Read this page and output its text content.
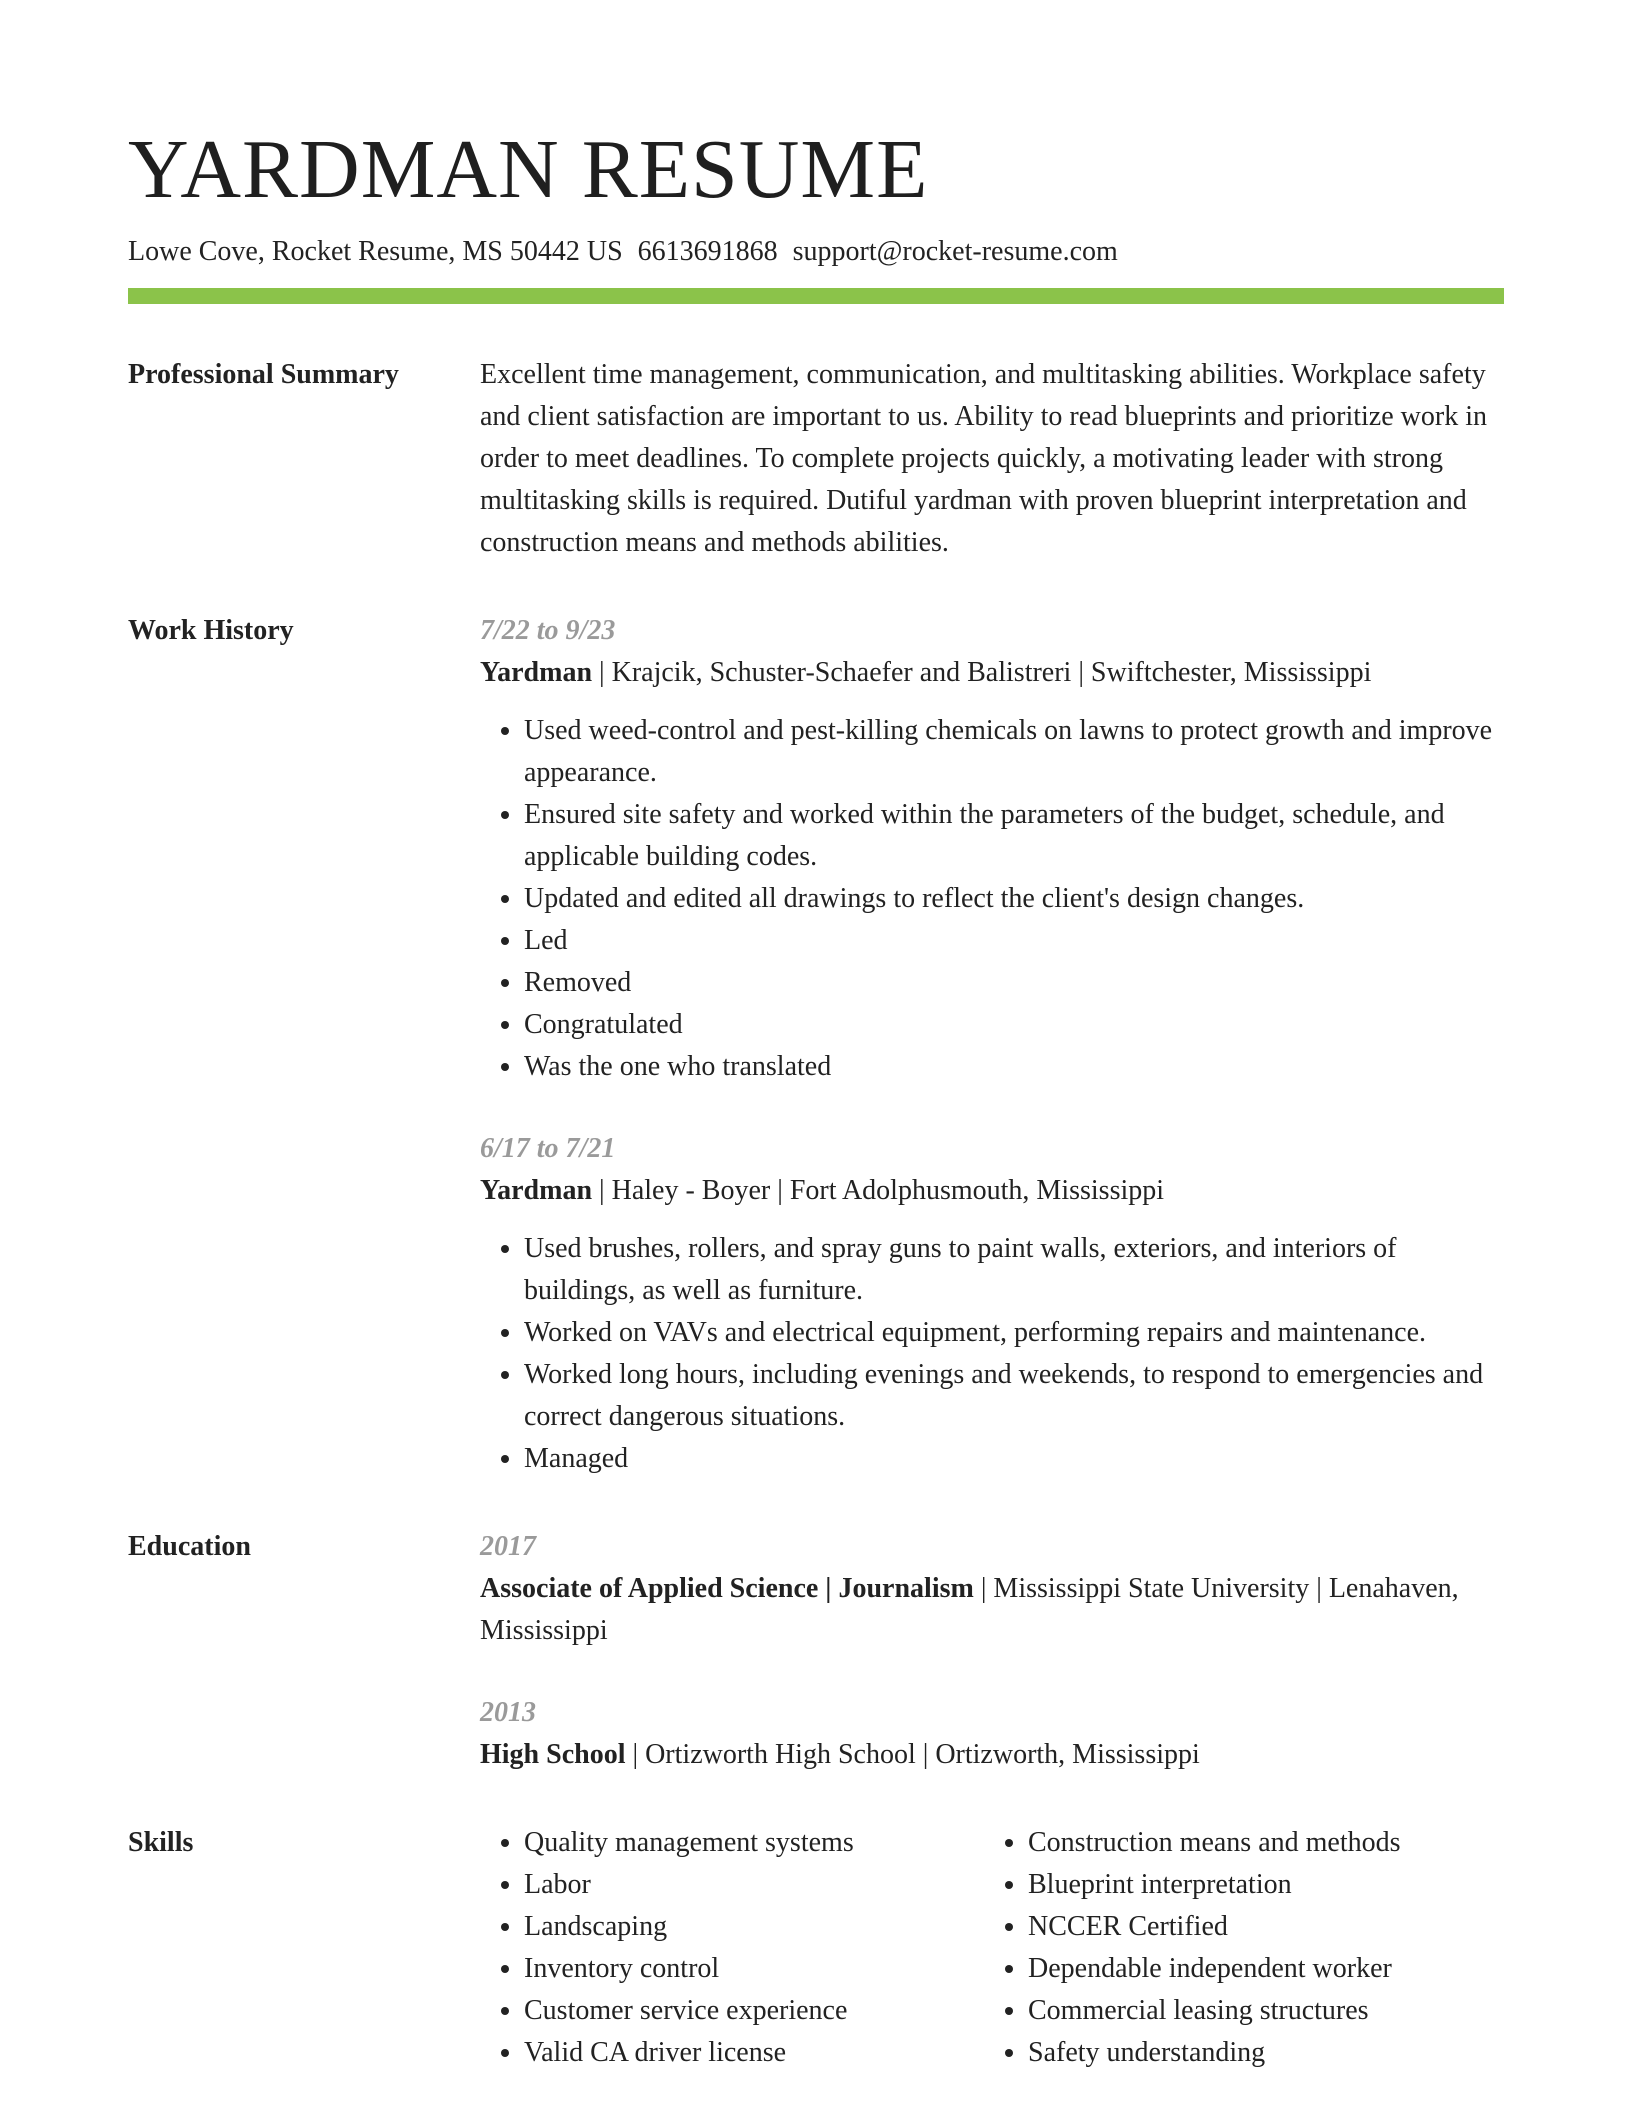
YARDMAN RESUME
Lowe Cove, Rocket Resume, MS 50442 US 6613691868 support@rocket-resume.com
Professional Summary	Excellent time management, communication, and multitasking abilities. Workplace safety and client satisfaction are important to us. Ability to read blueprints and prioritize work in order to meet deadlines. To complete projects quickly, a motivating leader with strong multitasking skills is required. Dutiful yardman with proven blueprint interpretation and construction means and methods abilities.

Work History	7/22 to 9/23

Yardman | Krajcik, Schuster-Schaefer and Balistreri | Swiftchester, Mississippi

• Used weed-control and pest-killing chemicals on lawns to protect growth and improve appearance.
• Ensured site safety and worked within the parameters of the budget, schedule, and applicable building codes.
• Updated and edited all drawings to reflect the client's design changes.
• Led
• Removed
• Congratulated
• Was the one who translated
6/17 to 7/21

Yardman | Haley - Boyer | Fort Adolphusmouth, Mississippi

• Used brushes, rollers, and spray guns to paint walls, exteriors, and interiors of buildings, as well as furniture.
• Worked on VAVs and electrical equipment, performing repairs and maintenance.
• Worked long hours, including evenings and weekends, to respond to emergencies and correct dangerous situations.
• Managed
Education	2017

Associate of Applied Science | Journalism | Mississippi State University | Lenahaven, Mississippi

2013

High School | Ortizworth High School | Ortizworth, Mississippi

Skills
•	Quality management systems
• Labor
• Landscaping
• Inventory control
• Customer service experience
• Valid CA driver license
• Construction means and methods
• Blueprint interpretation
• NCCER Certified
• Dependable independent worker
• Commercial leasing structures
• Safety understanding
